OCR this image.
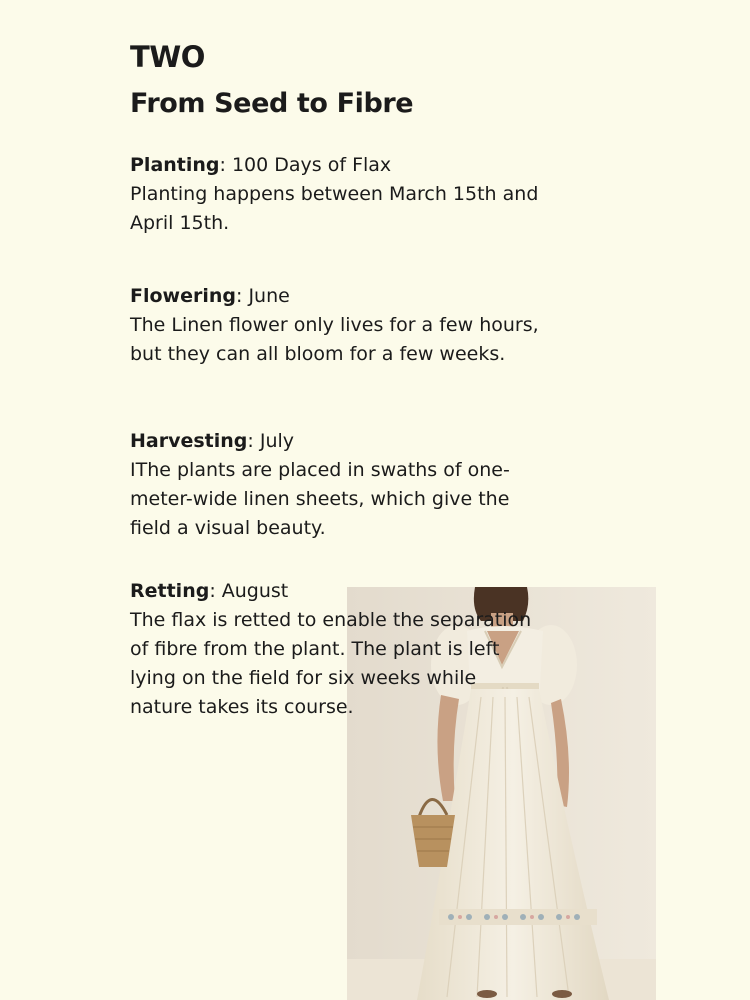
TWO
From Seed to Fibre

Planting: 100 Days of Flax

Planting happens between March 15th and April 15th.

Flowering: June

The Linen flower only lives for a few hours, but they can all bloom for a few weeks.

Harvesting: July

IThe plants are placed in swaths of one-meter-wide linen sheets, which give the field a visual beauty.

Retting: August

The flax is retted to enable the separation of fibre from the plant. The plant is left lying on the field for six weeks while nature takes its course.
